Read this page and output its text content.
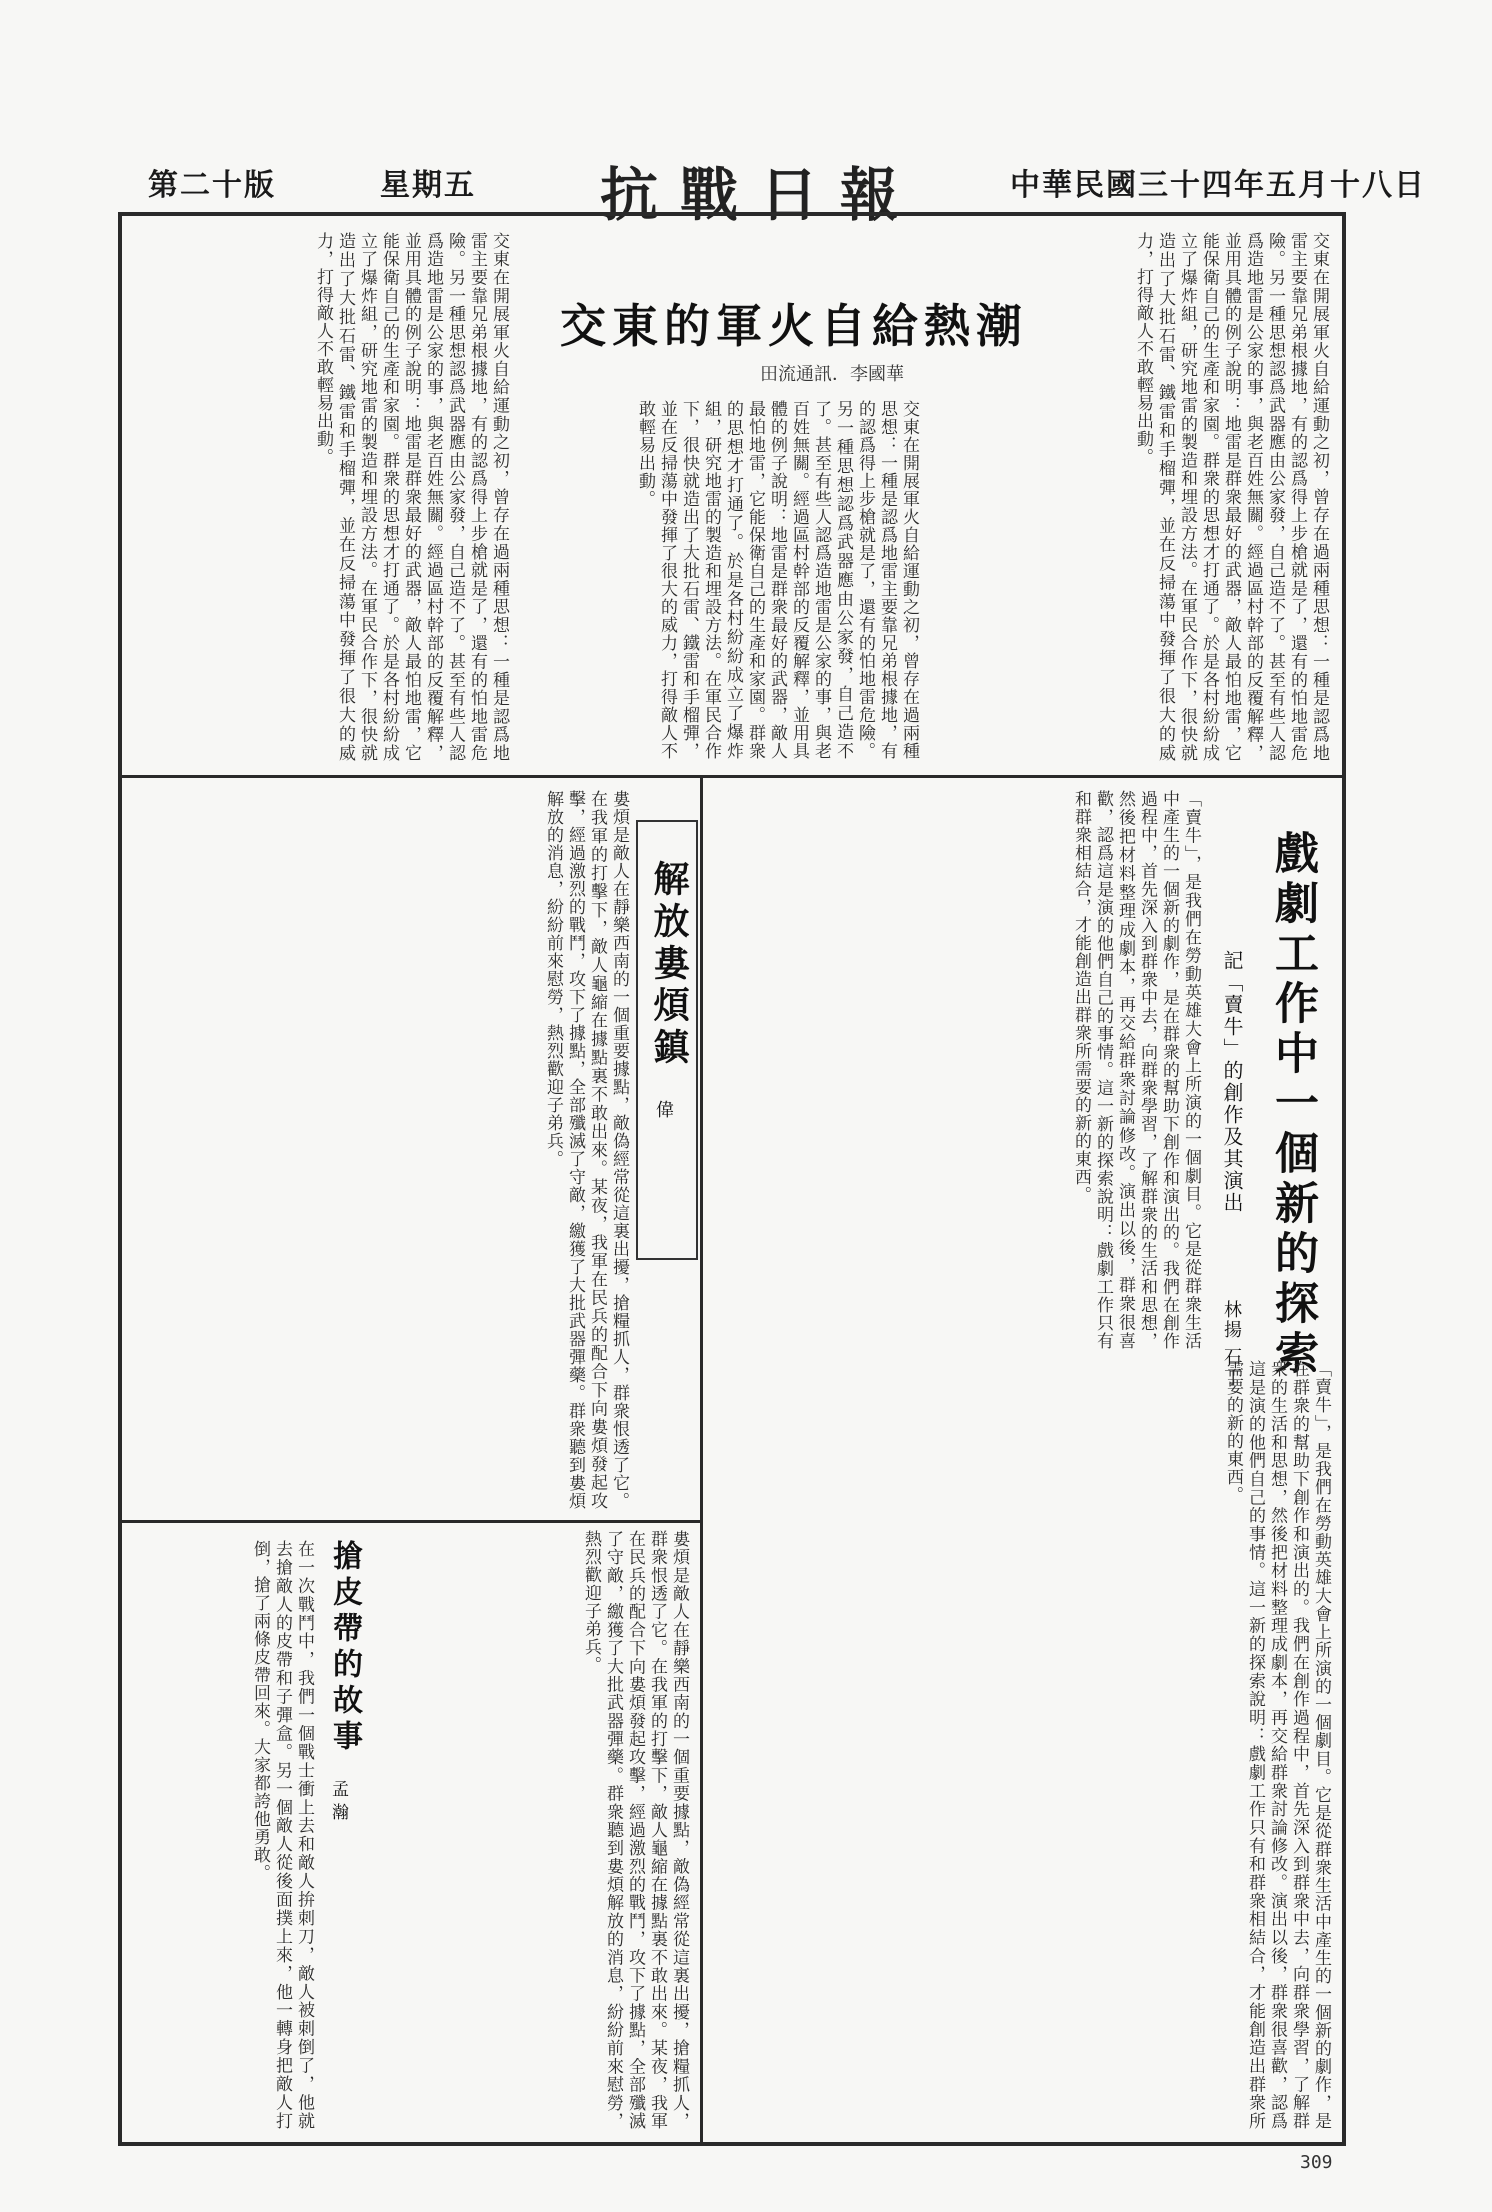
中華民國三十四年五月十八日
抗戰日報
星期五
第二十版
交東在開展軍火自給運動之初，曾存在過兩種思想：一種是認爲地雷主要靠兄弟根據地，有的認爲得上步槍就是了，還有的怕地雷危險。另一種思想認爲武器應由公家發，自己造不了。甚至有些人認爲造地雷是公家的事，與老百姓無關。經過區村幹部的反覆解釋，並用具體的例子說明：地雷是群衆最好的武器，敵人最怕地雷，它能保衛自己的生產和家園。群衆的思想才打通了。於是各村紛紛成立了爆炸組，研究地雷的製造和埋設方法。在軍民合作下，很快就造出了大批石雷、鐵雷和手榴彈，並在反掃蕩中發揮了很大的威力，打得敵人不敢輕易出動。
交東的軍火自給熱潮
田流通訊．李國華
交東在開展軍火自給運動之初，曾存在過兩種思想：一種是認爲地雷主要靠兄弟根據地，有的認爲得上步槍就是了，還有的怕地雷危險。另一種思想認爲武器應由公家發，自己造不了。甚至有些人認爲造地雷是公家的事，與老百姓無關。經過區村幹部的反覆解釋，並用具體的例子說明：地雷是群衆最好的武器，敵人最怕地雷，它能保衛自己的生產和家園。群衆的思想才打通了。於是各村紛紛成立了爆炸組，研究地雷的製造和埋設方法。在軍民合作下，很快就造出了大批石雷、鐵雷和手榴彈，並在反掃蕩中發揮了很大的威力，打得敵人不敢輕易出動。
交東在開展軍火自給運動之初，曾存在過兩種思想：一種是認爲地雷主要靠兄弟根據地，有的認爲得上步槍就是了，還有的怕地雷危險。另一種思想認爲武器應由公家發，自己造不了。甚至有些人認爲造地雷是公家的事，與老百姓無關。經過區村幹部的反覆解釋，並用具體的例子說明：地雷是群衆最好的武器，敵人最怕地雷，它能保衛自己的生產和家園。群衆的思想才打通了。於是各村紛紛成立了爆炸組，研究地雷的製造和埋設方法。在軍民合作下，很快就造出了大批石雷、鐵雷和手榴彈，並在反掃蕩中發揮了很大的威力，打得敵人不敢輕易出動。
戲劇工作中一個新的探索
記「賣牛」的創作及其演出
林揚 石丁
「賣牛」，是我們在勞動英雄大會上所演的一個劇目。它是從群衆生活中產生的一個新的劇作，是在群衆的幫助下創作和演出的。我們在創作過程中，首先深入到群衆中去，向群衆學習，了解群衆的生活和思想，然後把材料整理成劇本，再交給群衆討論修改。演出以後，群衆很喜歡，認爲這是演的他們自己的事情。這一新的探索說明：戲劇工作只有和群衆相結合，才能創造出群衆所需要的新的東西。
「賣牛」，是我們在勞動英雄大會上所演的一個劇目。它是從群衆生活中產生的一個新的劇作，是在群衆的幫助下創作和演出的。我們在創作過程中，首先深入到群衆中去，向群衆學習，了解群衆的生活和思想，然後把材料整理成劇本，再交給群衆討論修改。演出以後，群衆很喜歡，認爲這是演的他們自己的事情。這一新的探索說明：戲劇工作只有和群衆相結合，才能創造出群衆所需要的新的東西。
解放婁煩鎮
偉
婁煩是敵人在靜樂西南的一個重要據點，敵偽經常從這裏出擾，搶糧抓人，群衆恨透了它。在我軍的打擊下，敵人龜縮在據點裏不敢出來。某夜，我軍在民兵的配合下向婁煩發起攻擊，經過激烈的戰鬥，攻下了據點，全部殲滅了守敵，繳獲了大批武器彈藥。群衆聽到婁煩解放的消息，紛紛前來慰勞，熱烈歡迎子弟兵。
婁煩是敵人在靜樂西南的一個重要據點，敵偽經常從這裏出擾，搶糧抓人，群衆恨透了它。在我軍的打擊下，敵人龜縮在據點裏不敢出來。某夜，我軍在民兵的配合下向婁煩發起攻擊，經過激烈的戰鬥，攻下了據點，全部殲滅了守敵，繳獲了大批武器彈藥。群衆聽到婁煩解放的消息，紛紛前來慰勞，熱烈歡迎子弟兵。
搶皮帶的故事
孟瀚
在一次戰鬥中，我們一個戰士衝上去和敵人拚刺刀，敵人被刺倒了，他就去搶敵人的皮帶和子彈盒。另一個敵人從後面撲上來，他一轉身把敵人打倒，搶了兩條皮帶回來。大家都誇他勇敢。
309
